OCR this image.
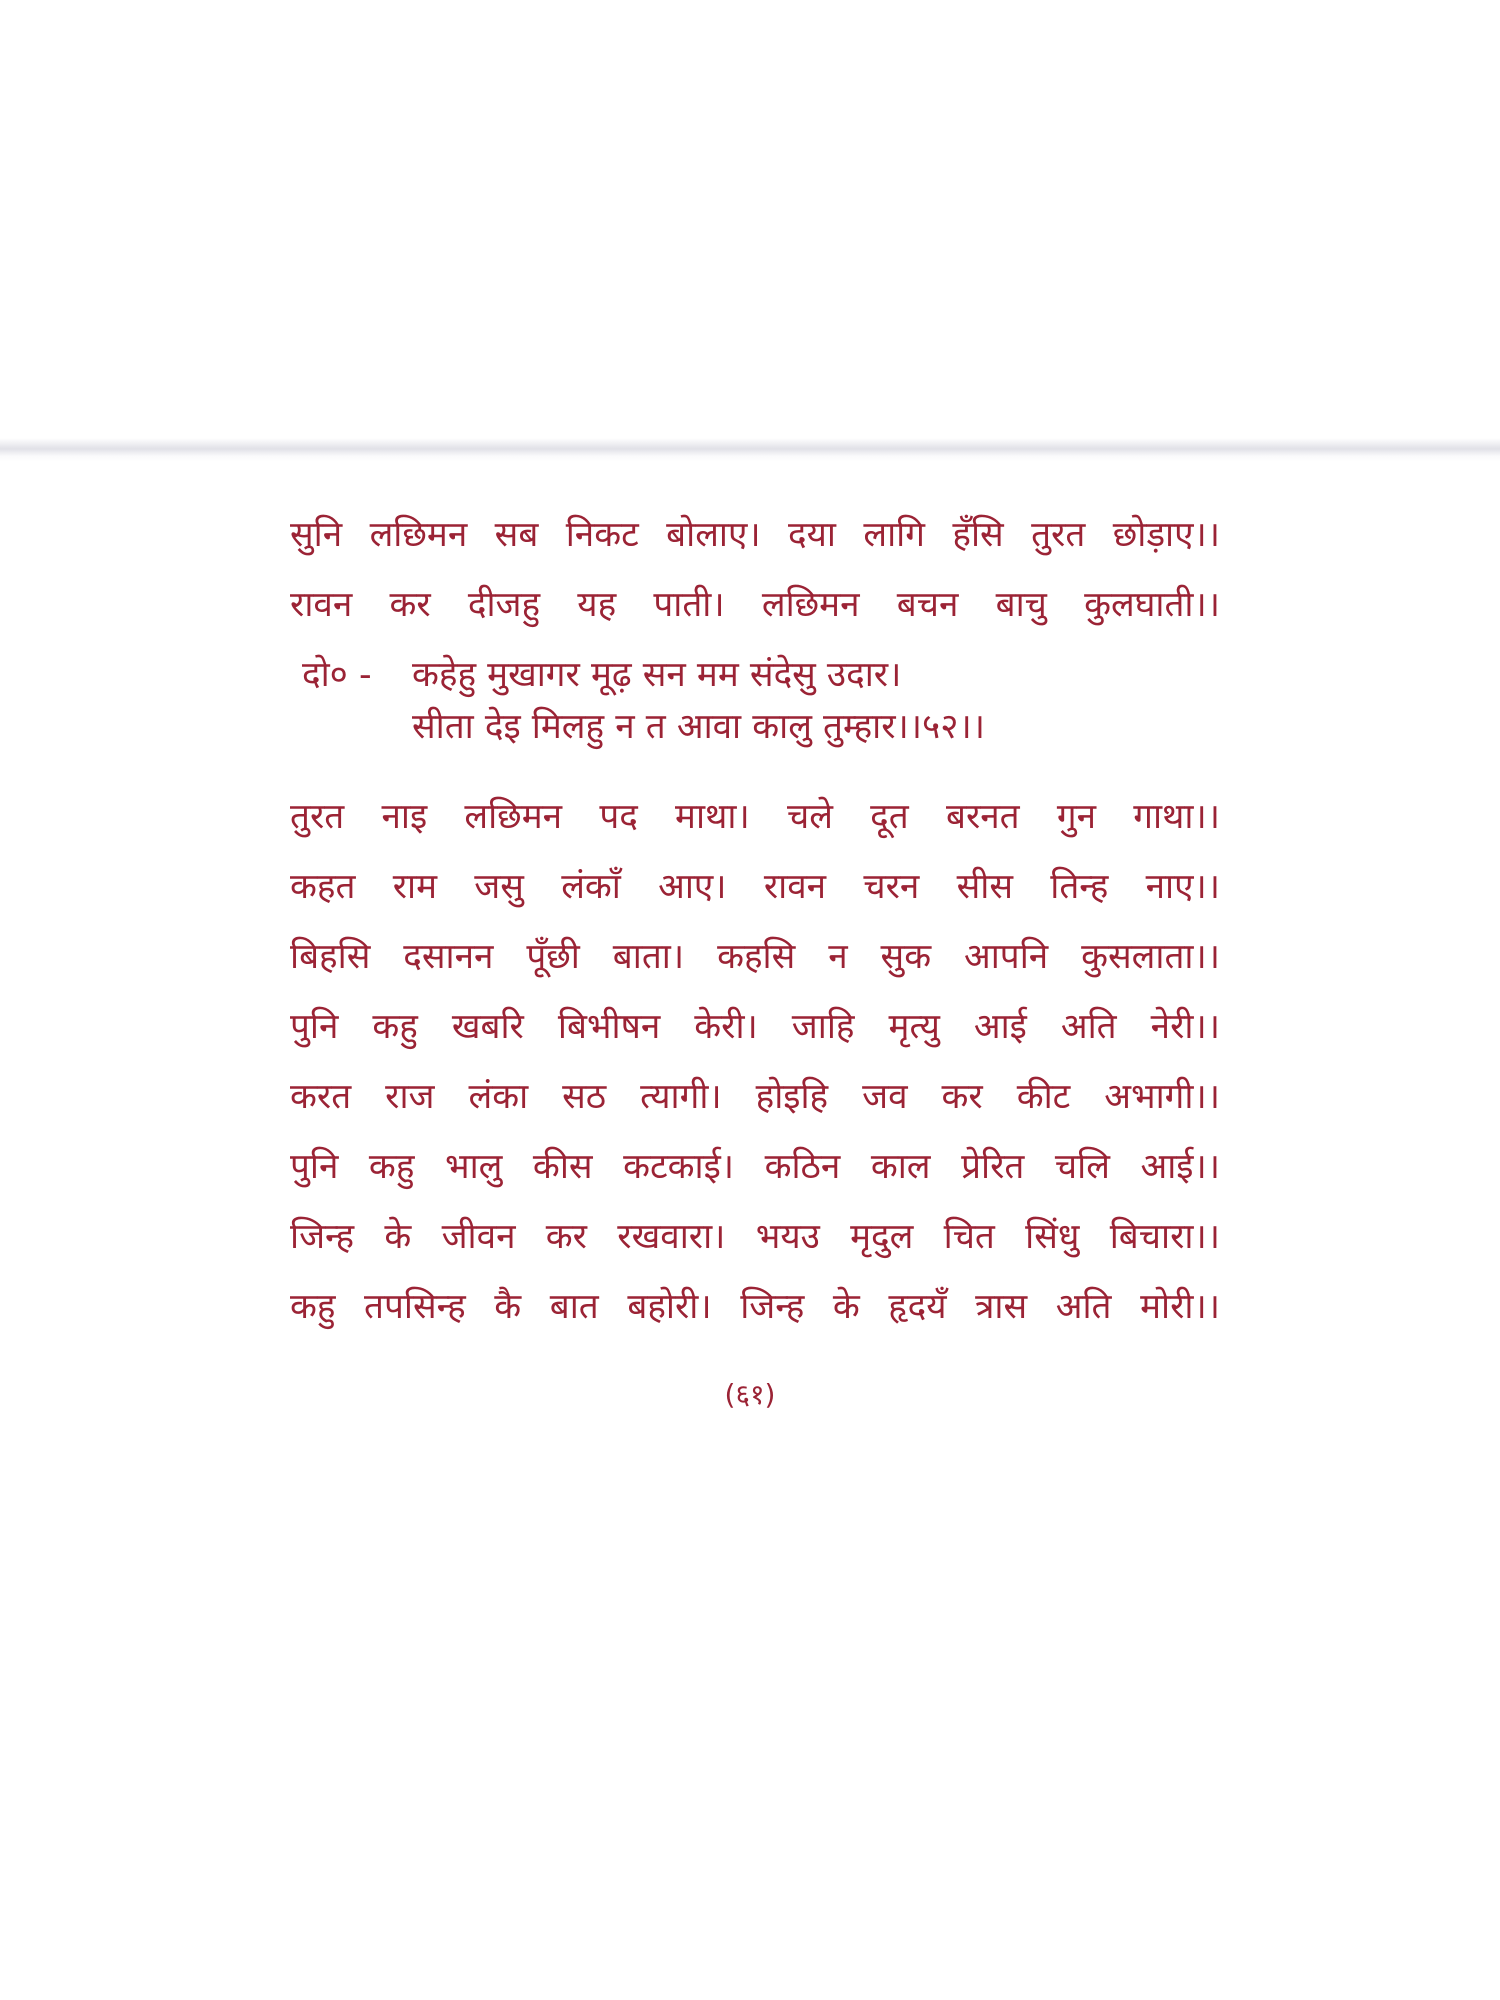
सुनि लछिमन सब निकट बोलाए। दया लागि हँसि तुरत छोड़ाए।।
रावन कर दीजहु यह पाती। लछिमन बचन बाचु कुलघाती।।
दो० - कहेहु मुखागर मूढ़ सन मम संदेसु उदार।
सीता देइ मिलहु न त आवा कालु तुम्हार।।५२।।
तुरत नाइ लछिमन पद माथा। चले दूत बरनत गुन गाथा।।
कहत राम जसु लंकाँ आए। रावन चरन सीस तिन्ह नाए।।
बिहसि दसानन पूँछी बाता। कहसि न सुक आपनि कुसलाता।।
पुनि कहु खबरि बिभीषन केरी। जाहि मृत्यु आई अति नेरी।।
करत राज लंका सठ त्यागी। होइहि जव कर कीट अभागी।।
पुनि कहु भालु कीस कटकाई। कठिन काल प्रेरित चलि आई।।
जिन्ह के जीवन कर रखवारा। भयउ मृदुल चित सिंधु बिचारा।।
कहु तपसिन्ह कै बात बहोरी। जिन्ह के हृदयँ त्रास अति मोरी।।
(६१)
